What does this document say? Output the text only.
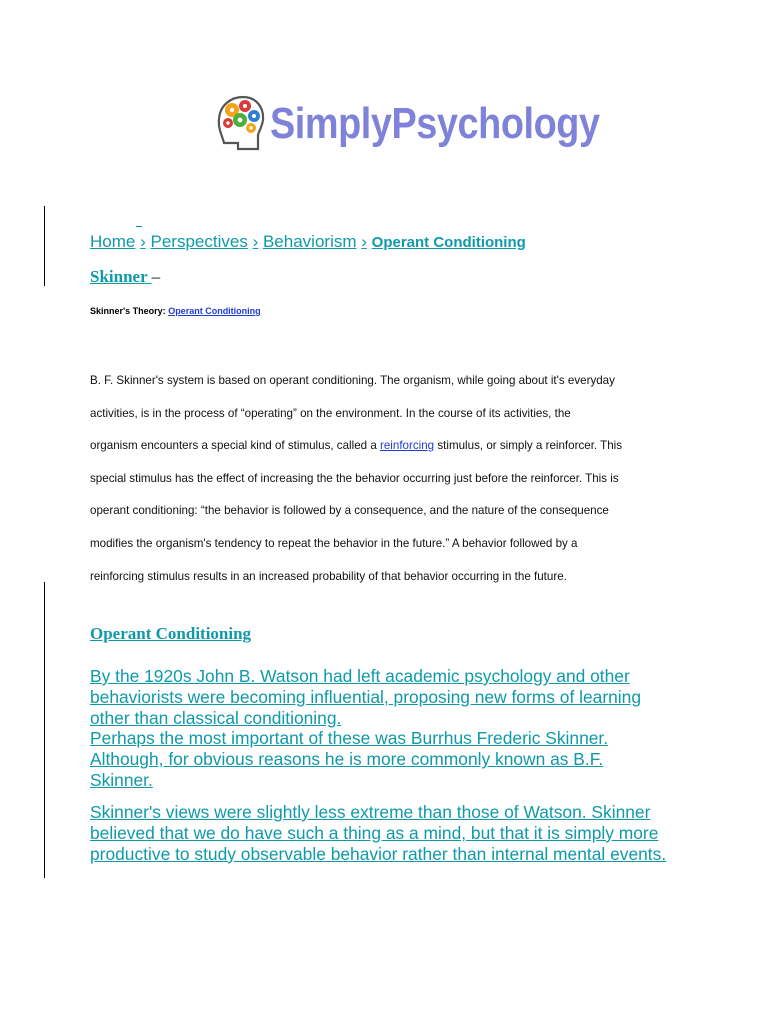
SimplyPsychology
Home › Perspectives › Behaviorism › Operant Conditioning
Skinner –
Skinner's Theory: Operant Conditioning
B. F. Skinner's system is based on operant conditioning. The organism, while going about it's everyday
activities, is in the process of “operating” on the environment. In the course of its activities, the
organism encounters a special kind of stimulus, called a reinforcing stimulus, or simply a reinforcer. This
special stimulus has the effect of increasing the the behavior occurring just before the reinforcer. This is
operant conditioning: “the behavior is followed by a consequence, and the nature of the consequence
modifies the organism's tendency to repeat the behavior in the future.” A behavior followed by a
reinforcing stimulus results in an increased probability of that behavior occurring in the future.
Operant Conditioning
By the 1920s John B. Watson had left academic psychology and other
behaviorists were becoming influential, proposing new forms of learning
other than classical conditioning.
Perhaps the most important of these was Burrhus Frederic Skinner.
Although, for obvious reasons he is more commonly known as B.F.
Skinner.
Skinner's views were slightly less extreme than those of Watson. Skinner
believed that we do have such a thing as a mind, but that it is simply more
productive to study observable behavior rather than internal mental events.
